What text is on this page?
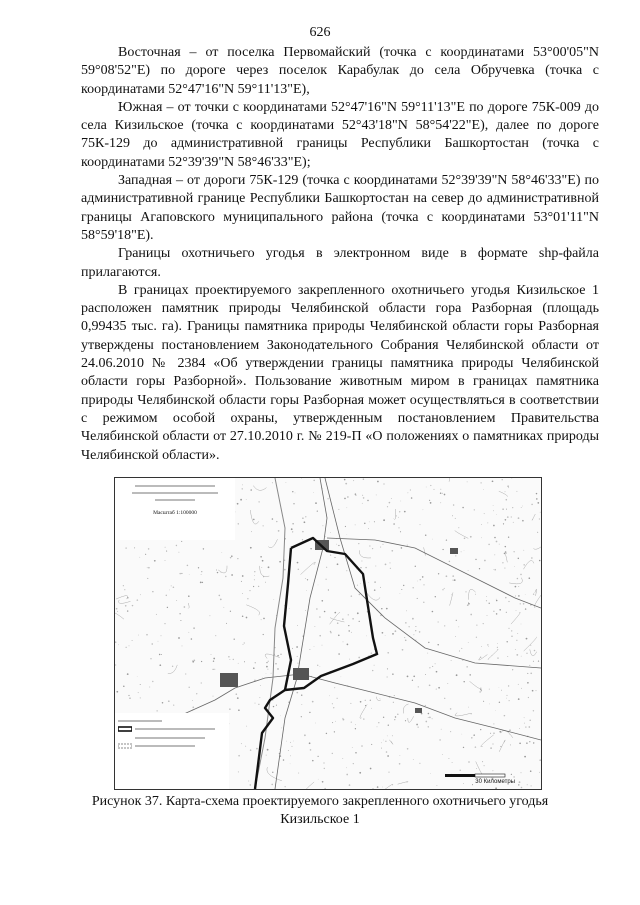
626

Восточная – от поселка Первомайский (точка с координатами 53°00'05"N 59°08'52"E) по дороге через поселок Карабулак до села Обручевка (точка с координатами 52°47'16"N 59°11'13"E),

Южная – от точки с координатами 52°47'16"N 59°11'13"E по дороге 75К-009 до села Кизильское (точка с координатами 52°43'18"N 58°54'22"E), далее по дороге 75К-129 до административной границы Республики Башкортостан (точка с координатами 52°39'39"N 58°46'33"E);

Западная – от дороги 75К-129 (точка с координатами 52°39'39"N 58°46'33"E) по административной границе Республики Башкортостан на север до административной границы Агаповского муниципального района (точка с координатами 53°01'11"N 58°59'18"E).

Границы охотничьего угодья в электронном виде в формате shp-файла прилагаются.

В границах проектируемого закрепленного охотничьего угодья Кизильское 1 расположен памятник природы Челябинской области гора Разборная (площадь 0,99435 тыс. га). Границы памятника природы Челябинской области горы Разборная утверждены постановлением Законодательного Собрания Челябинской области от 24.06.2010 № 2384 «Об утверждении границы памятника природы Челябинской области горы Разборной». Пользование животным миром в границах памятника природы Челябинской области горы Разборная может осуществляться в соответствии с режимом особой охраны, утвержденным постановлением Правительства Челябинской области от 27.10.2010 г. № 219-П «О положениях о памятниках природы Челябинской области».

Масштаб 1:100000
30 Километры
Рисунок 37. Карта-схема проектируемого закрепленного охотничьего угодья
Кизильское 1
